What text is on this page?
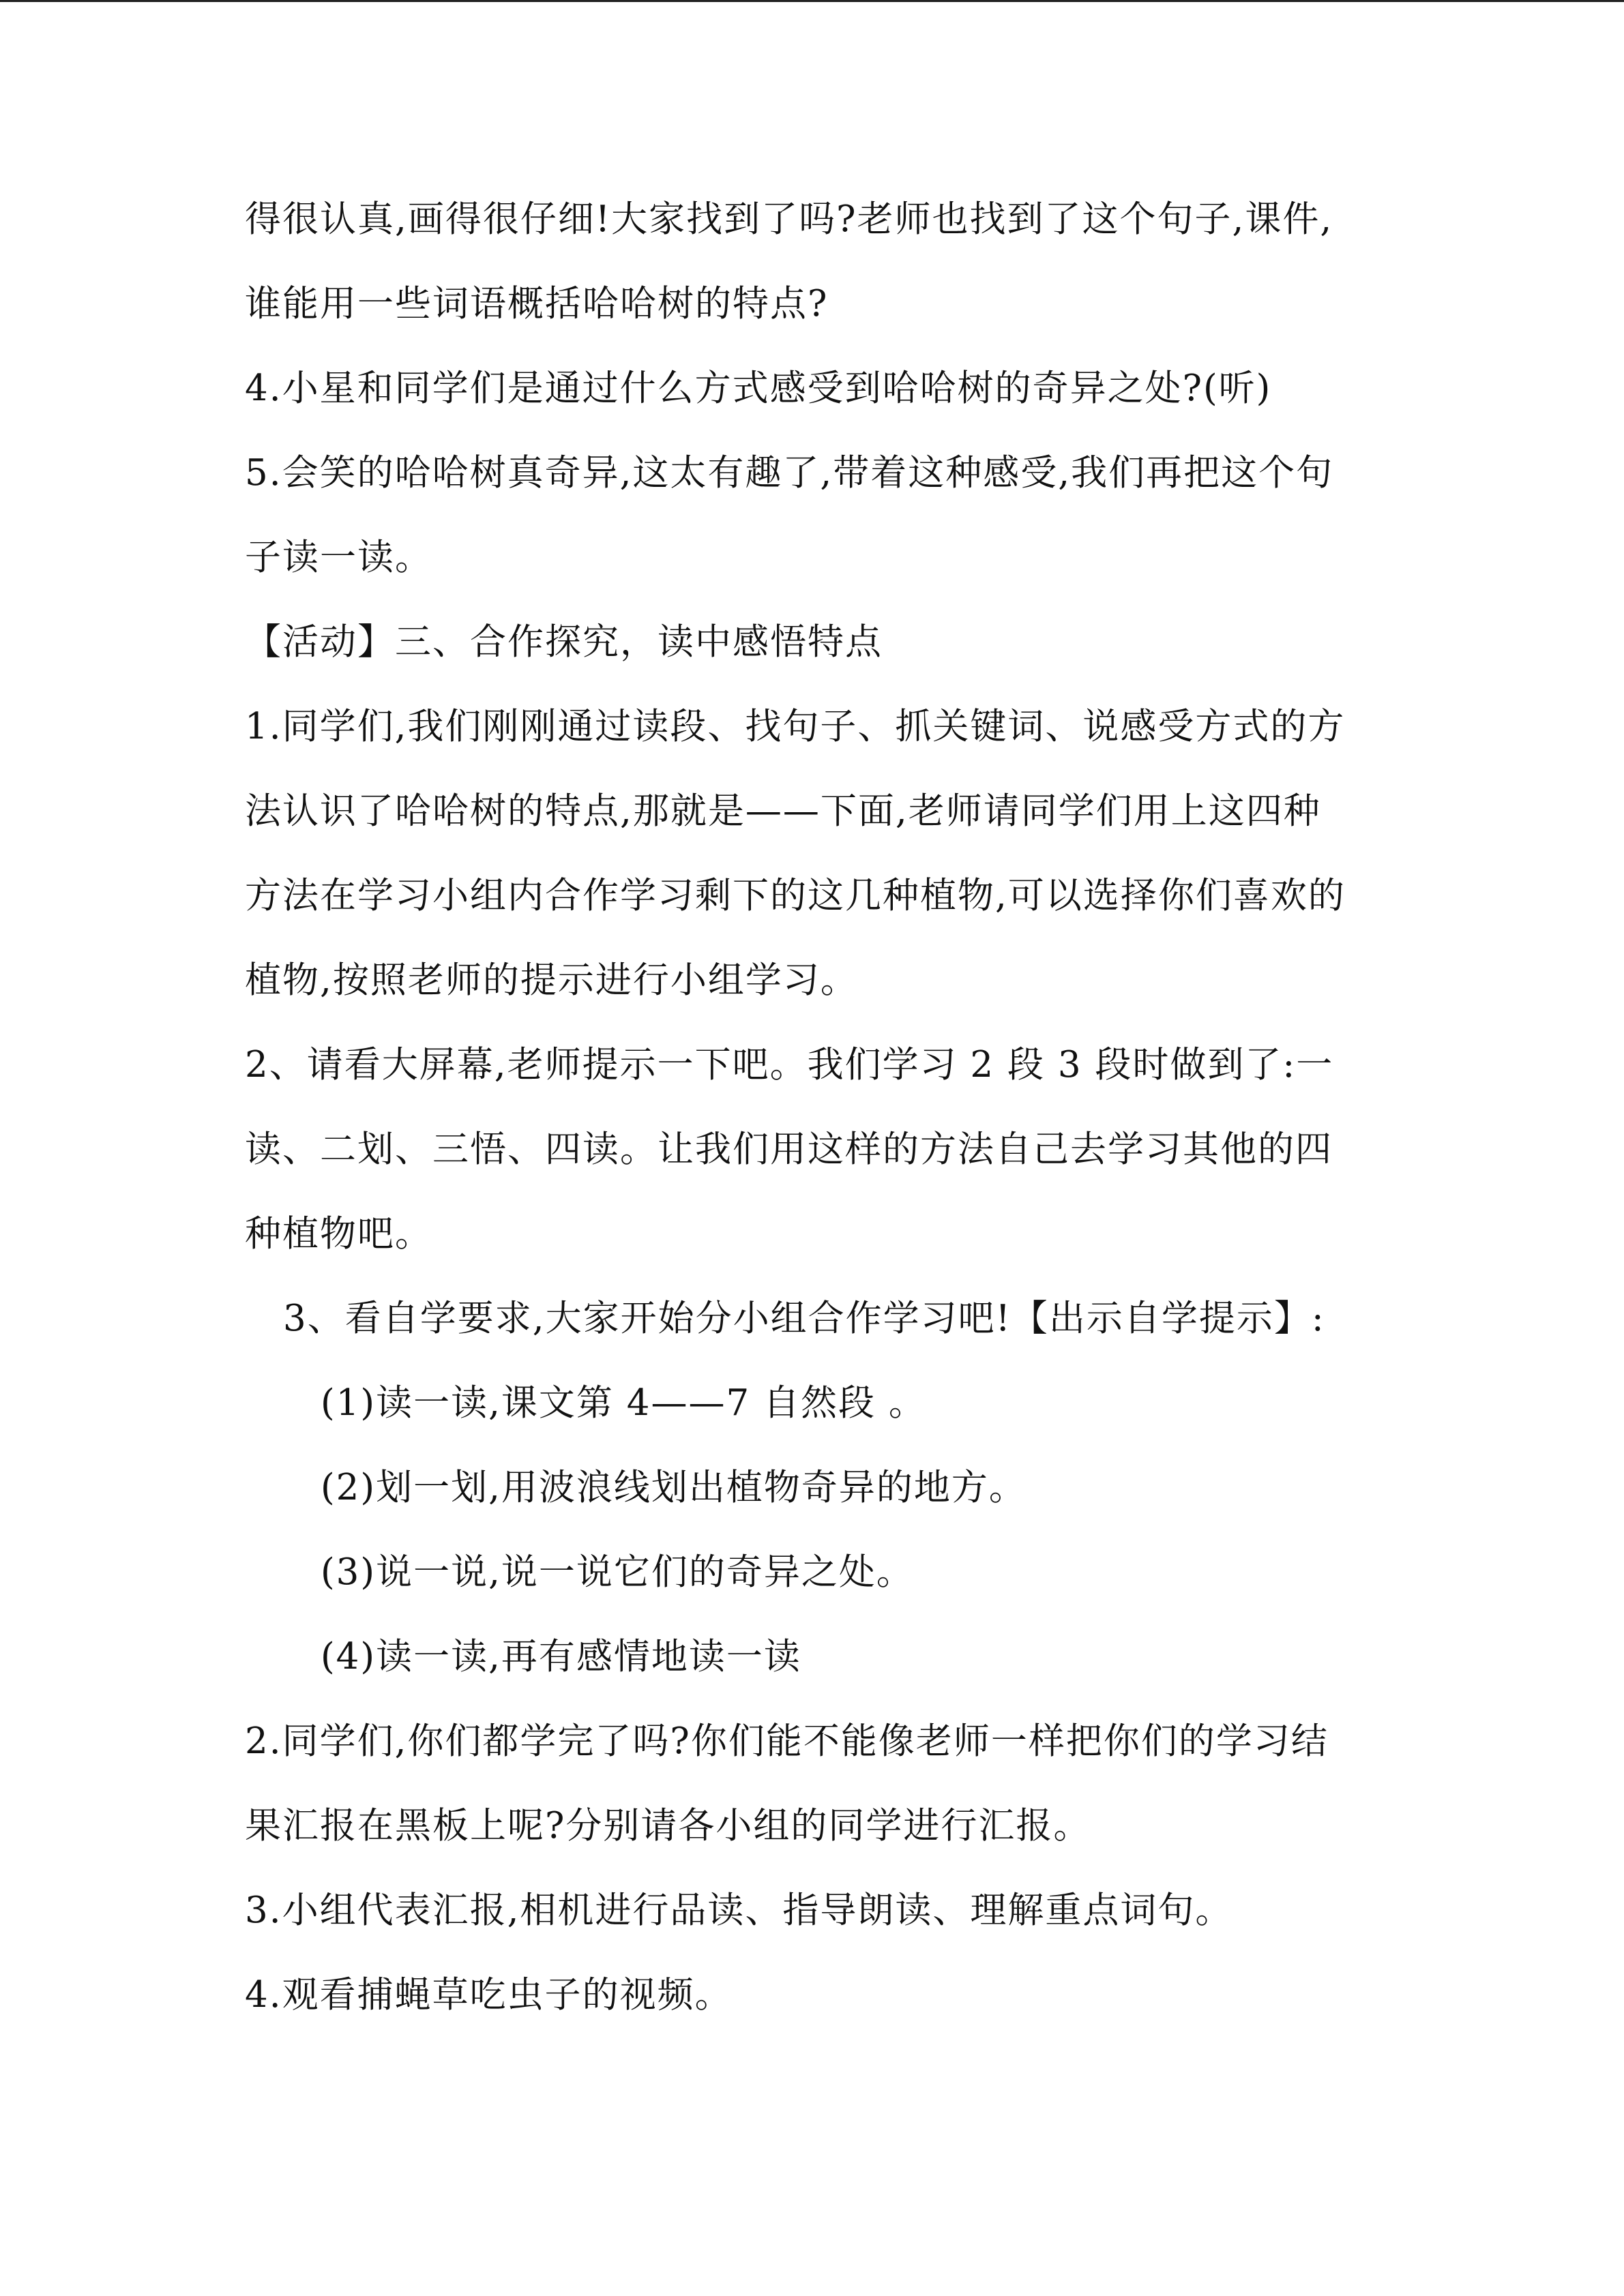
得很认真,画得很仔细!大家找到了吗?老师也找到了这个句子,课件,
谁能用一些词语概括哈哈树的特点?
4.小星和同学们是通过什么方式感受到哈哈树的奇异之处?(听)
5.会笑的哈哈树真奇异,这太有趣了,带着这种感受,我们再把这个句
子读一读。
【活动】三、合作探究，读中感悟特点
1.同学们,我们刚刚通过读段、找句子、抓关键词、说感受方式的方
法认识了哈哈树的特点,那就是——下面,老师请同学们用上这四种
方法在学习小组内合作学习剩下的这几种植物,可以选择你们喜欢的
植物,按照老师的提示进行小组学习。
2、请看大屏幕,老师提示一下吧。我们学习 2 段 3 段时做到了:一
读、二划、三悟、四读。让我们用这样的方法自己去学习其他的四
种植物吧。
3、看自学要求,大家开始分小组合作学习吧!【出示自学提示】:
(1)读一读,课文第 4——7 自然段 。
(2)划一划,用波浪线划出植物奇异的地方。
(3)说一说,说一说它们的奇异之处。
(4)读一读,再有感情地读一读
2.同学们,你们都学完了吗?你们能不能像老师一样把你们的学习结
果汇报在黑板上呢?分别请各小组的同学进行汇报。
3.小组代表汇报,相机进行品读、指导朗读、理解重点词句。
4.观看捕蝇草吃虫子的视频。
